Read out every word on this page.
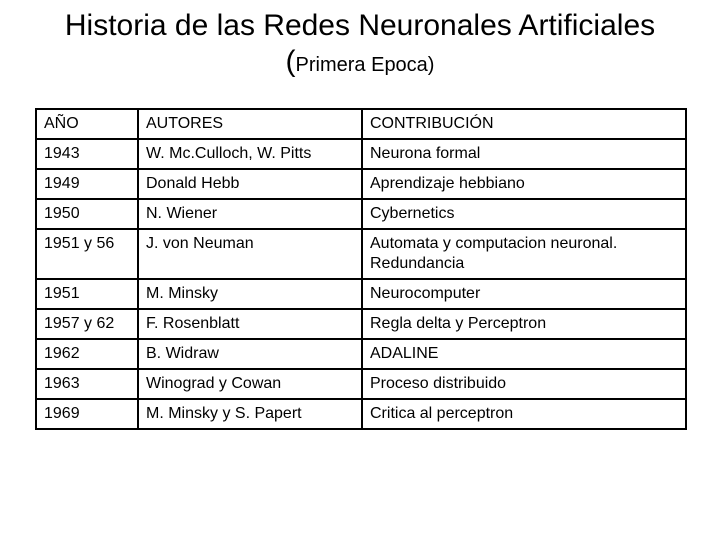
Historia de las Redes Neuronales Artificiales
(Primera Epoca)
AÑO	AUTORES	CONTRIBUCIÓN
1943	W. Mc.Culloch, W. Pitts	Neurona formal
1949	Donald Hebb	Aprendizaje hebbiano
1950	N. Wiener	Cybernetics
1951 y 56	J. von Neuman	Automata y computacion neuronal. Redundancia
1951	M. Minsky	Neurocomputer
1957 y 62	F. Rosenblatt	Regla delta y Perceptron
1962	B. Widraw	ADALINE
1963	Winograd y Cowan	Proceso distribuido
1969	M. Minsky y S. Papert	Critica al perceptron
